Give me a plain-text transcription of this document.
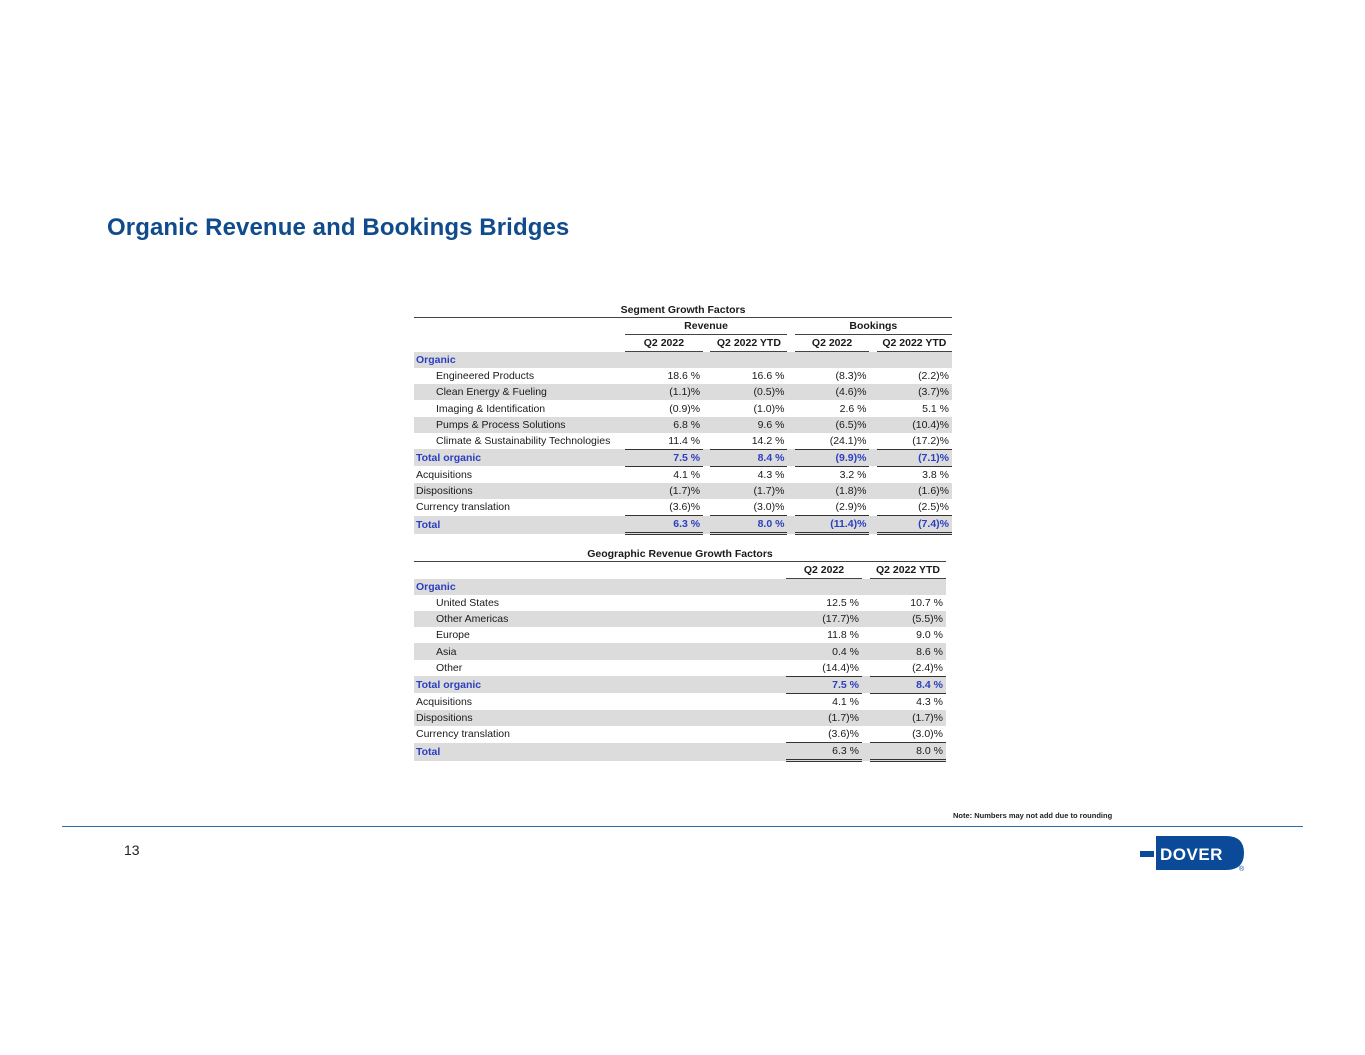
Organic Revenue and Bookings Bridges
Segment Growth Factors							
	Revenue				Bookings		
	Q2 2022		Q2 2022 YTD		Q2 2022		Q2 2022 YTD
Organic							
Engineered Products	18.6 %		16.6 %		(8.3)%		(2.2)%
Clean Energy & Fueling	(1.1)%		(0.5)%		(4.6)%		(3.7)%
Imaging & Identification	(0.9)%		(1.0)%		2.6 %		5.1 %
Pumps & Process Solutions	6.8 %		9.6 %		(6.5)%		(10.4)%
Climate & Sustainability Technologies	11.4 %		14.2 %		(24.1)%		(17.2)%
Total organic	7.5 %		8.4 %		(9.9)%		(7.1)%
Acquisitions	4.1 %		4.3 %		3.2 %		3.8 %
Dispositions	(1.7)%		(1.7)%		(1.8)%		(1.6)%
Currency translation	(3.6)%		(3.0)%		(2.9)%		(2.5)%
Total	6.3 %		8.0 %		(11.4)%		(7.4)%
Geographic Revenue Growth Factors			
	Q2 2022		Q2 2022 YTD
Organic			
United States	12.5 %		10.7 %
Other Americas	(17.7)%		(5.5)%
Europe	11.8 %		9.0 %
Asia	0.4 %		8.6 %
Other	(14.4)%		(2.4)%
Total organic	7.5 %		8.4 %
Acquisitions	4.1 %		4.3 %
Dispositions	(1.7)%		(1.7)%
Currency translation	(3.6)%		(3.0)%
Total	6.3 %		8.0 %
Note: Numbers may not add due to rounding
13	DOVER
®
